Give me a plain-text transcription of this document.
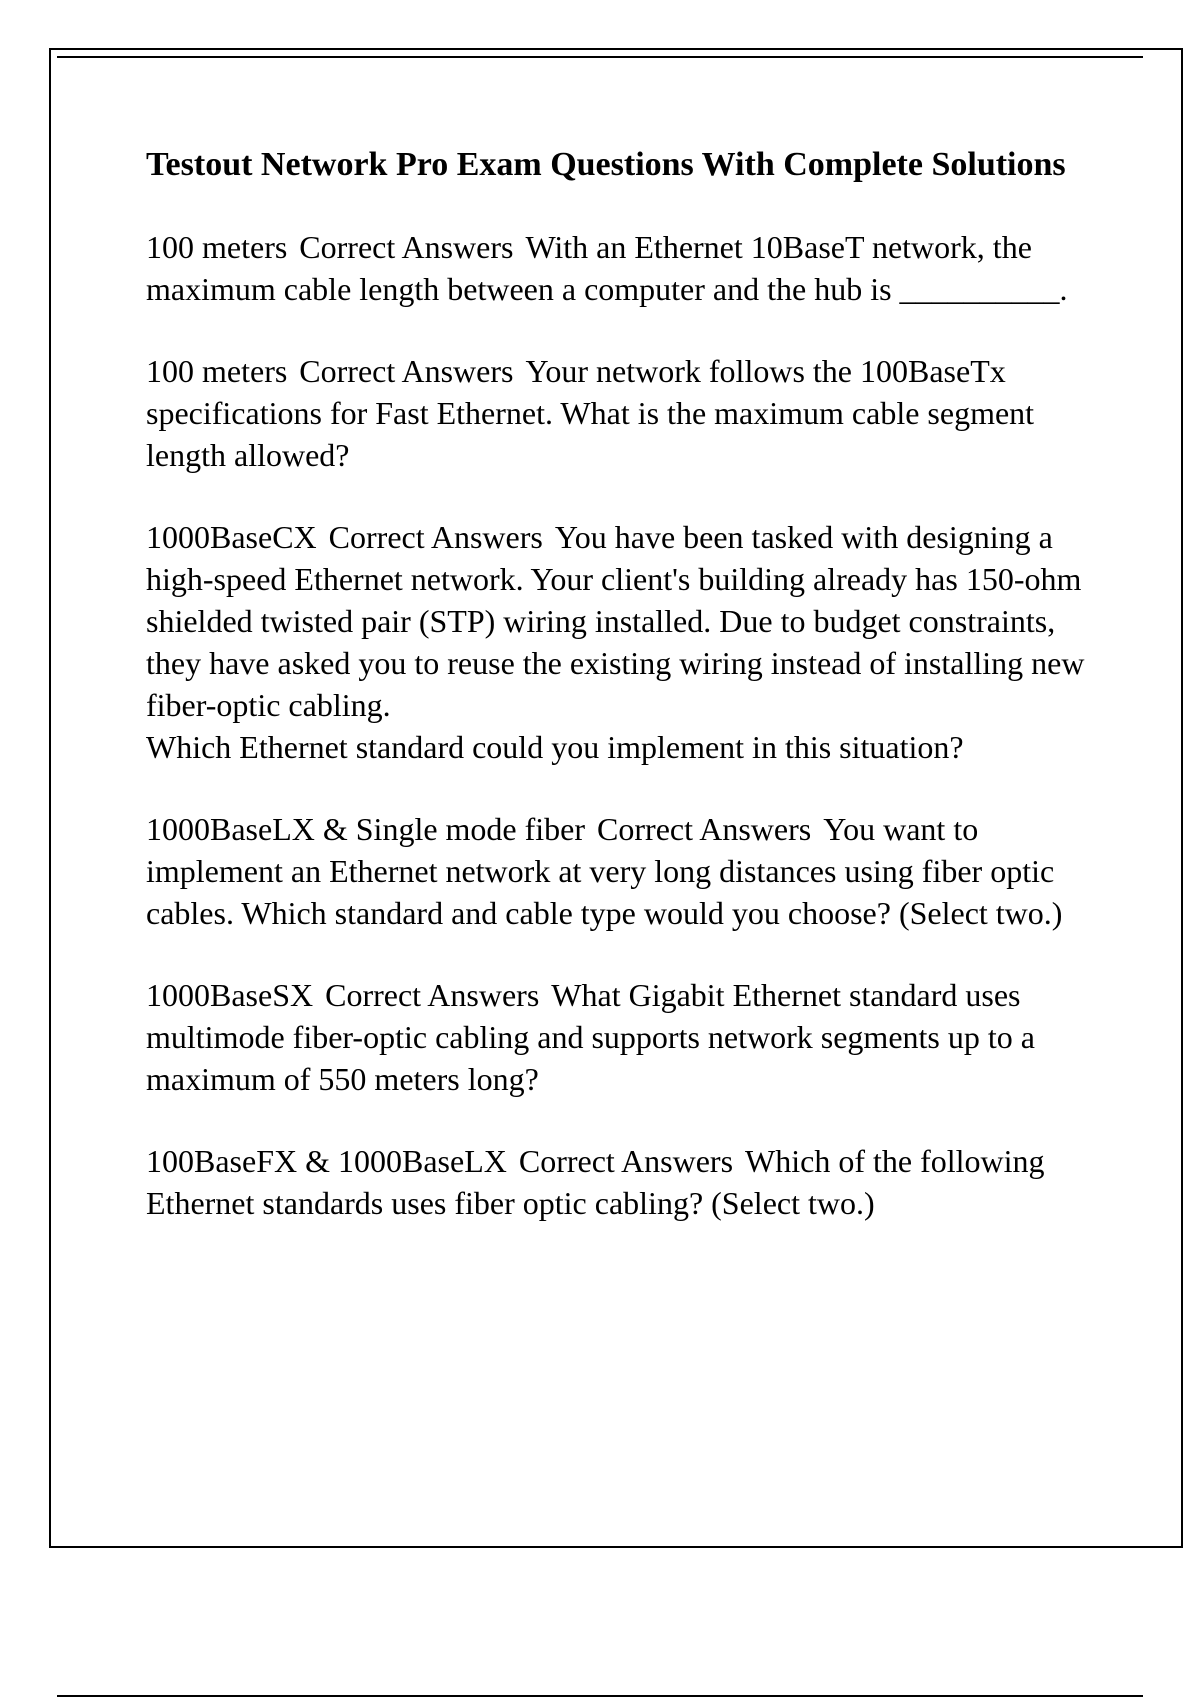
Testout Network Pro Exam Questions With Complete Solutions
100 meters Correct Answers With an Ethernet 10BaseT network, the maximum cable length between a computer and the hub is __________.
100 meters Correct Answers Your network follows the 100BaseTx specifications for Fast Ethernet. What is the maximum cable segment length allowed?
1000BaseCX Correct Answers You have been tasked with designing a high-speed Ethernet network. Your client's building already has 150-ohm shielded twisted pair (STP) wiring installed. Due to budget constraints, they have asked you to reuse the existing wiring instead of installing new fiber-optic cabling.
Which Ethernet standard could you implement in this situation?
1000BaseLX & Single mode fiber Correct Answers You want to implement an Ethernet network at very long distances using fiber optic cables. Which standard and cable type would you choose? (Select two.)
1000BaseSX Correct Answers What Gigabit Ethernet standard uses multimode fiber-optic cabling and supports network segments up to a maximum of 550 meters long?
100BaseFX & 1000BaseLX Correct Answers Which of the following Ethernet standards uses fiber optic cabling? (Select two.)
